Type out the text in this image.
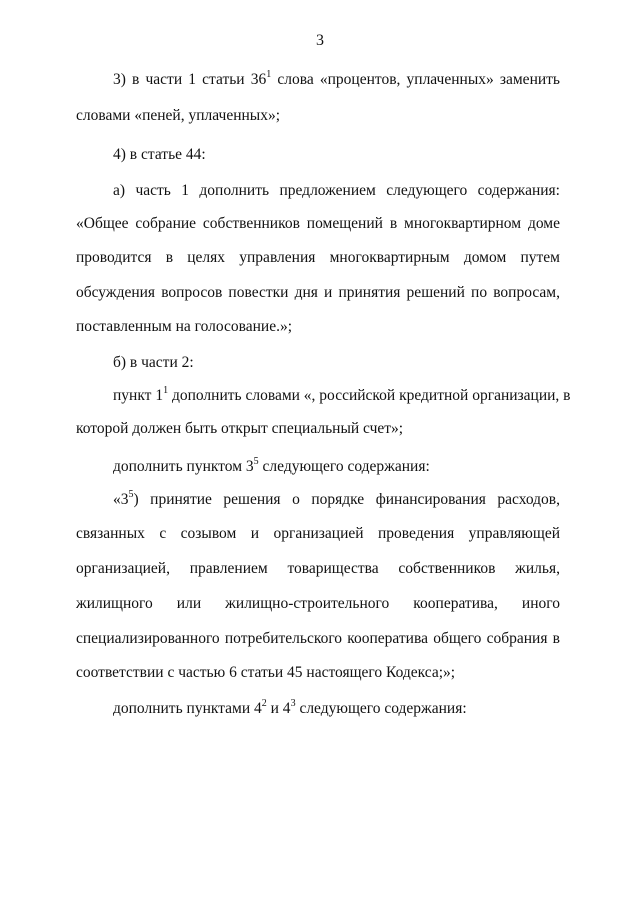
3
3) в части 1 статьи $36^1$ слова «процентов, уплаченных» заменить
словами «пеней, уплаченных»;
4) в статье 44:
а) часть 1 дополнить предложением следующего содержания:
«Общее собрание собственников помещений в многоквартирном доме
проводится в целях управления многоквартирным домом путем
обсуждения вопросов повестки дня и принятия решений по вопросам,
поставленным на голосование.»;
б) в части 2:
пункт $1^1$ дополнить словами «, российской кредитной организации, в
которой должен быть открыт специальный счет»;
дополнить пунктом $3^5$ следующего содержания:
«$3^5$) принятие решения о порядке финансирования расходов,
связанных с созывом и организацией проведения управляющей
организацией, правлением товарищества собственников жилья,
жилищного или жилищно-строительного кооператива, иного
специализированного потребительского кооператива общего собрания в
соответствии с частью 6 статьи 45 настоящего Кодекса;»;
дополнить пунктами $4^2$ и $4^3$ следующего содержания:
